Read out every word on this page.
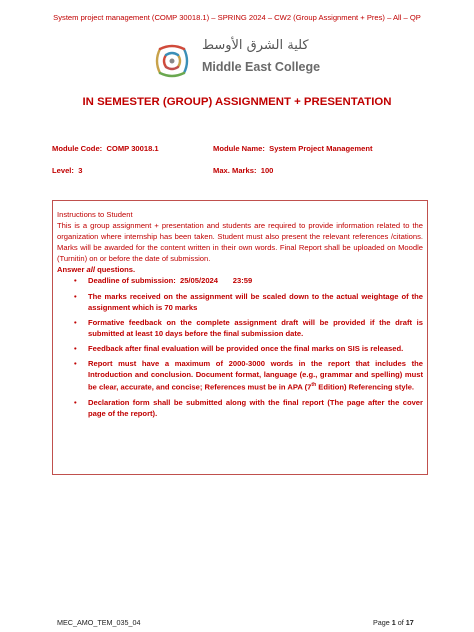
System project management (COMP 30018.1) – SPRING 2024 – CW2 (Group Assignment + Pres) – All – QP
كلية الشرق الأوسط
Middle East College
IN SEMESTER (GROUP) ASSIGNMENT + PRESENTATION
Module Code: COMP 30018.1	Module Name: System Project Management
Level: 3	Max. Marks: 100
Instructions to Student
This is a group assignment + presentation and students are required to provide information related to the organization where internship has been taken. Student must also present the relevant references /citations. Marks will be awarded for the content written in their own words. Final Report shall be uploaded on Moodle (Turnitin) on or before the date of submission.
Answer all questions.
• Deadline of submission:  25/05/2024       23:59
• The marks received on the assignment will be scaled down to the actual weightage of the assignment which is 70 marks
• Formative feedback on the complete assignment draft will be provided if the draft is submitted at least 10 days before the final submission date.
• Feedback after final evaluation will be provided once the final marks on SIS is released.
• Report must have a maximum of 2000-3000 words in the report that includes the Introduction and conclusion. Document format, language (e.g., grammar and spelling) must be clear, accurate, and concise; References must be in APA (7th Edition) Referencing style.
• Declaration form shall be submitted along with the final report (The page after the cover page of the report).
MEC_AMO_TEM_035_04	Page 1 of 17
